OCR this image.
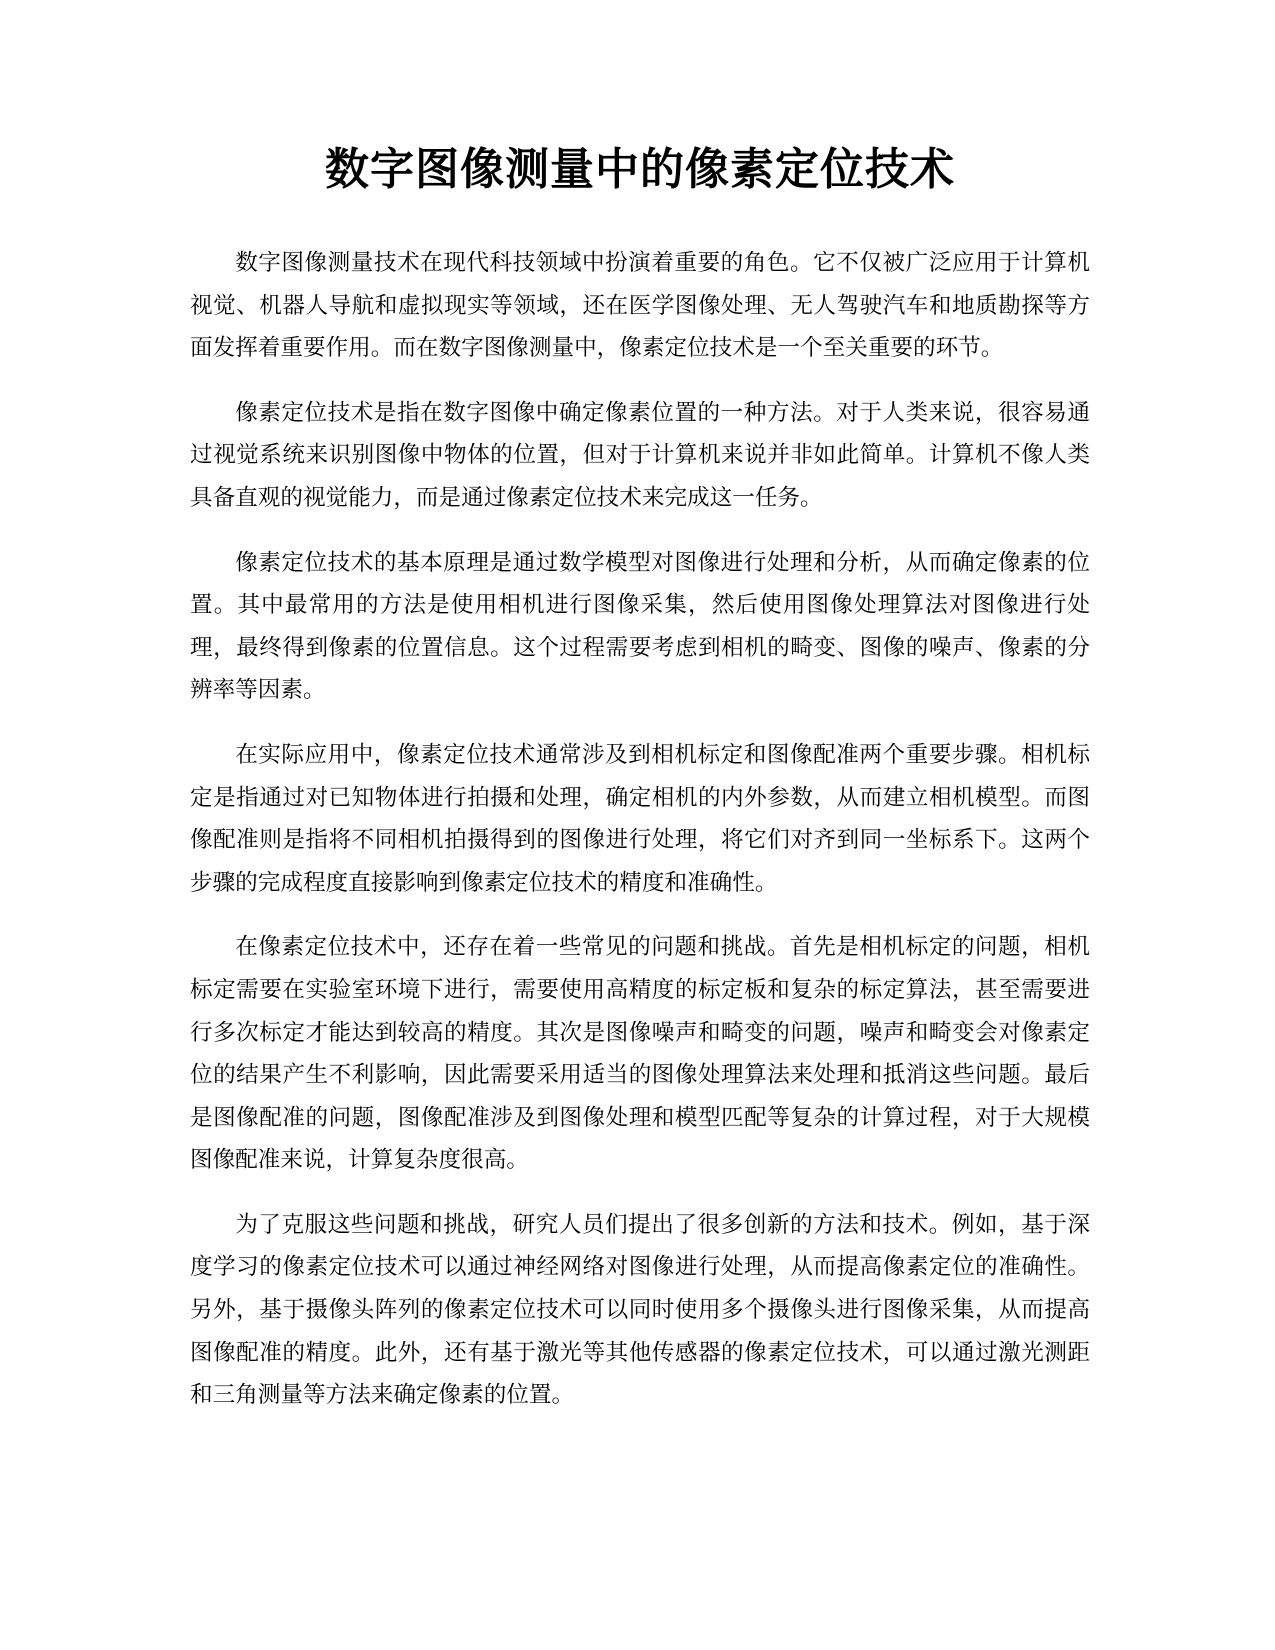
数字图像测量中的像素定位技术

数字图像测量技术在现代科技领域中扮演着重要的角色。它不仅被广泛应用于计算机视觉、机器人导航和虚拟现实等领域，还在医学图像处理、无人驾驶汽车和地质勘探等方面发挥着重要作用。而在数字图像测量中，像素定位技术是一个至关重要的环节。

像素定位技术是指在数字图像中确定像素位置的一种方法。对于人类来说，很容易通过视觉系统来识别图像中物体的位置，但对于计算机来说并非如此简单。计算机不像人类具备直观的视觉能力，而是通过像素定位技术来完成这一任务。

像素定位技术的基本原理是通过数学模型对图像进行处理和分析，从而确定像素的位置。其中最常用的方法是使用相机进行图像采集，然后使用图像处理算法对图像进行处理，最终得到像素的位置信息。这个过程需要考虑到相机的畸变、图像的噪声、像素的分辨率等因素。

在实际应用中，像素定位技术通常涉及到相机标定和图像配准两个重要步骤。相机标定是指通过对已知物体进行拍摄和处理，确定相机的内外参数，从而建立相机模型。而图像配准则是指将不同相机拍摄得到的图像进行处理，将它们对齐到同一坐标系下。这两个步骤的完成程度直接影响到像素定位技术的精度和准确性。

在像素定位技术中，还存在着一些常见的问题和挑战。首先是相机标定的问题，相机标定需要在实验室环境下进行，需要使用高精度的标定板和复杂的标定算法，甚至需要进行多次标定才能达到较高的精度。其次是图像噪声和畸变的问题，噪声和畸变会对像素定位的结果产生不利影响，因此需要采用适当的图像处理算法来处理和抵消这些问题。最后是图像配准的问题，图像配准涉及到图像处理和模型匹配等复杂的计算过程，对于大规模图像配准来说，计算复杂度很高。

为了克服这些问题和挑战，研究人员们提出了很多创新的方法和技术。例如，基于深度学习的像素定位技术可以通过神经网络对图像进行处理，从而提高像素定位的准确性。另外，基于摄像头阵列的像素定位技术可以同时使用多个摄像头进行图像采集，从而提高图像配准的精度。此外，还有基于激光等其他传感器的像素定位技术，可以通过激光测距和三角测量等方法来确定像素的位置。
